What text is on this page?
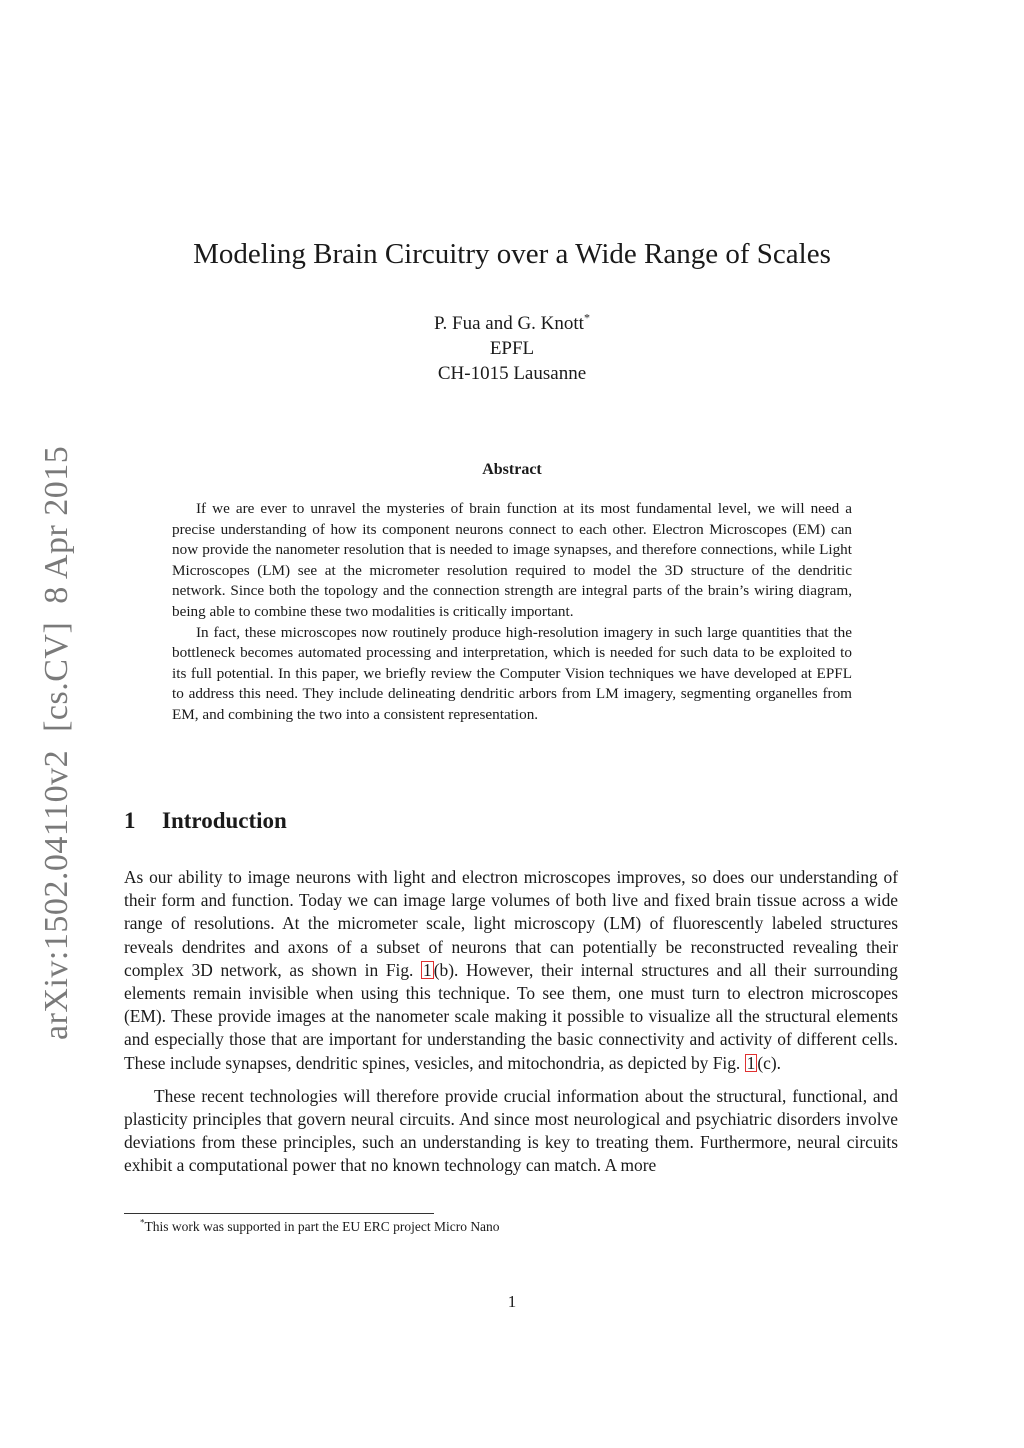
arXiv:1502.04110v2  [cs.CV]  8 Apr 2015
Modeling Brain Circuitry over a Wide Range of Scales
P. Fua and G. Knott*
EPFL
CH-1015 Lausanne
Abstract

If we are ever to unravel the mysteries of brain function at its most fundamental level, we will need a precise understanding of how its component neurons connect to each other. Electron Microscopes (EM) can now provide the nanometer resolution that is needed to image synapses, and therefore connections, while Light Microscopes (LM) see at the micrometer resolution required to model the 3D structure of the dendritic network. Since both the topology and the connection strength are integral parts of the brain’s wiring diagram, being able to combine these two modalities is critically important.

In fact, these microscopes now routinely produce high-resolution imagery in such large quantities that the bottleneck becomes automated processing and interpretation, which is needed for such data to be exploited to its full potential. In this paper, we briefly review the Computer Vision techniques we have developed at EPFL to address this need. They include delineating dendritic arbors from LM imagery, segmenting organelles from EM, and combining the two into a consistent representation.

1 Introduction

As our ability to image neurons with light and electron microscopes improves, so does our understanding of their form and function. Today we can image large volumes of both live and fixed brain tissue across a wide range of resolutions. At the micrometer scale, light microscopy (LM) of fluorescently labeled structures reveals dendrites and axons of a subset of neurons that can potentially be reconstructed revealing their complex 3D network, as shown in Fig. 1 (b). However, their internal structures and all their surrounding elements remain invisible when using this technique. To see them, one must turn to electron microscopes (EM). These provide images at the nanometer scale making it possible to visualize all the structural elements and especially those that are important for understanding the basic connectivity and activity of different cells. These include synapses, dendritic spines, vesicles, and mitochondria, as depicted by Fig. 1 (c).

These recent technologies will therefore provide crucial information about the structural, functional, and plasticity principles that govern neural circuits. And since most neurological and psychiatric disorders involve deviations from these principles, such an understanding is key to treating them. Furthermore, neural circuits exhibit a computational power that no known technology can match. A more

*This work was supported in part the EU ERC project Micro Nano
1
